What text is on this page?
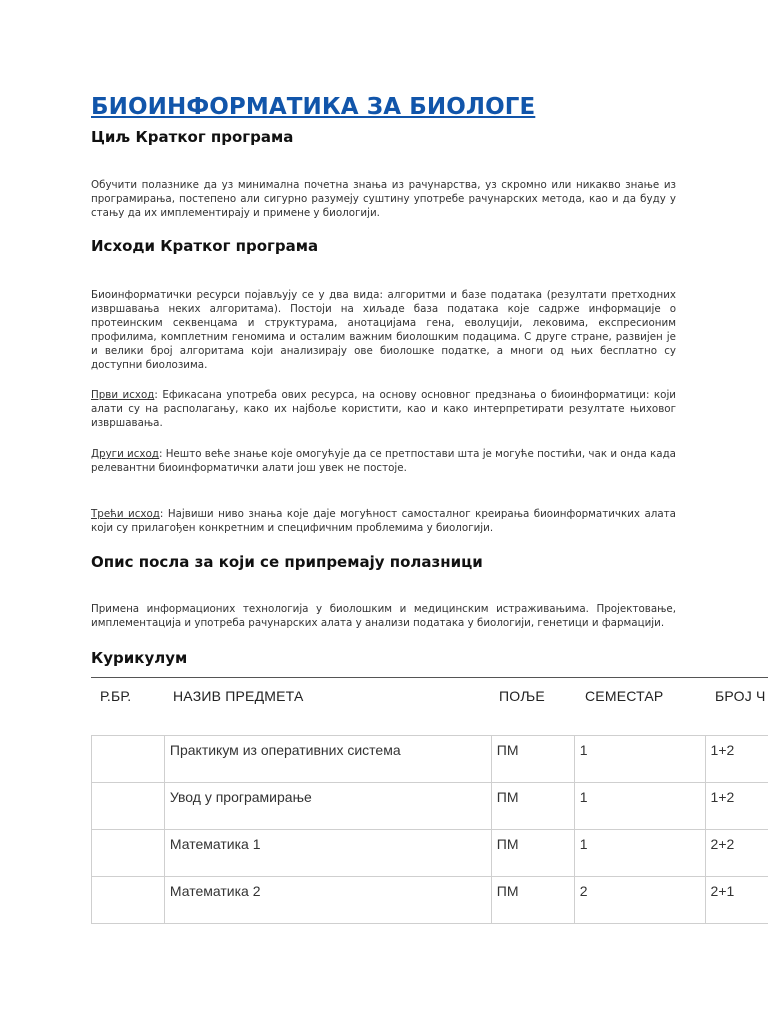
БИОИНФОРМАТИКА ЗА БИОЛОГЕ
Циљ Кратког програма

Обучити полазнике да уз минималнa почетна знања из рачунарства, уз скромно или никакво знање из програмирања, постепено али сигурно разумеју суштину употребе рачунарских метода, као и да буду у стању да их имплементирају и примене у биологији.

Исходи Кратког програма

Биоинформатички ресурси појављују се у два вида: алгоритми и базе података (резултати претходних извршавања неких алгоритама). Постоји на хиљаде база података које садрже информације о протеинским секвенцама и структурама, анотацијама гена, еволуцији, лековима, експресионим профилима, комплетним геномима и осталим важним биолошким подацима. С друге стране, развијен је и велики број алгоритама који анализирају ове биолошке податке, а многи од њих бесплатно су доступни биолозима.

Први исход: Ефикасана употреба ових ресурса, на основу основног предзнања о биоинформатици: који алати су на располагању, како их најбоље користити, као и како интерпретирати резултате њиховог извршавања.

Други исход: Нешто веће знање које омогућује да се претпостави шта је могуће постићи, чак и онда када релевантни биоинформатички алати још увек не постоје.

Трећи исход: Највиши ниво знања које даје могућност самосталног креирања биоинформатичких алата који су прилагођен конкретним и специфичним проблемима у биологији.

Опис посла за који се припремају полазници

Примена информационих технологија у биолошким и медицинским истраживањима. Пројектовање, имплементација и употреба рачунарских алата у анализи података у биологији, генетици и фармацији.

Курикулум
Р.БР.	НАЗИВ ПРЕДМЕТА	ПОЉЕ	СЕМЕСТАР	БРОЈ Ч

	Практикум из оперативних система	ПМ	1	1+2

	Увод у програмирање	ПМ	1	1+2

	Математика 1	ПМ	1	2+2

	Математика 2	ПМ	2	2+1
